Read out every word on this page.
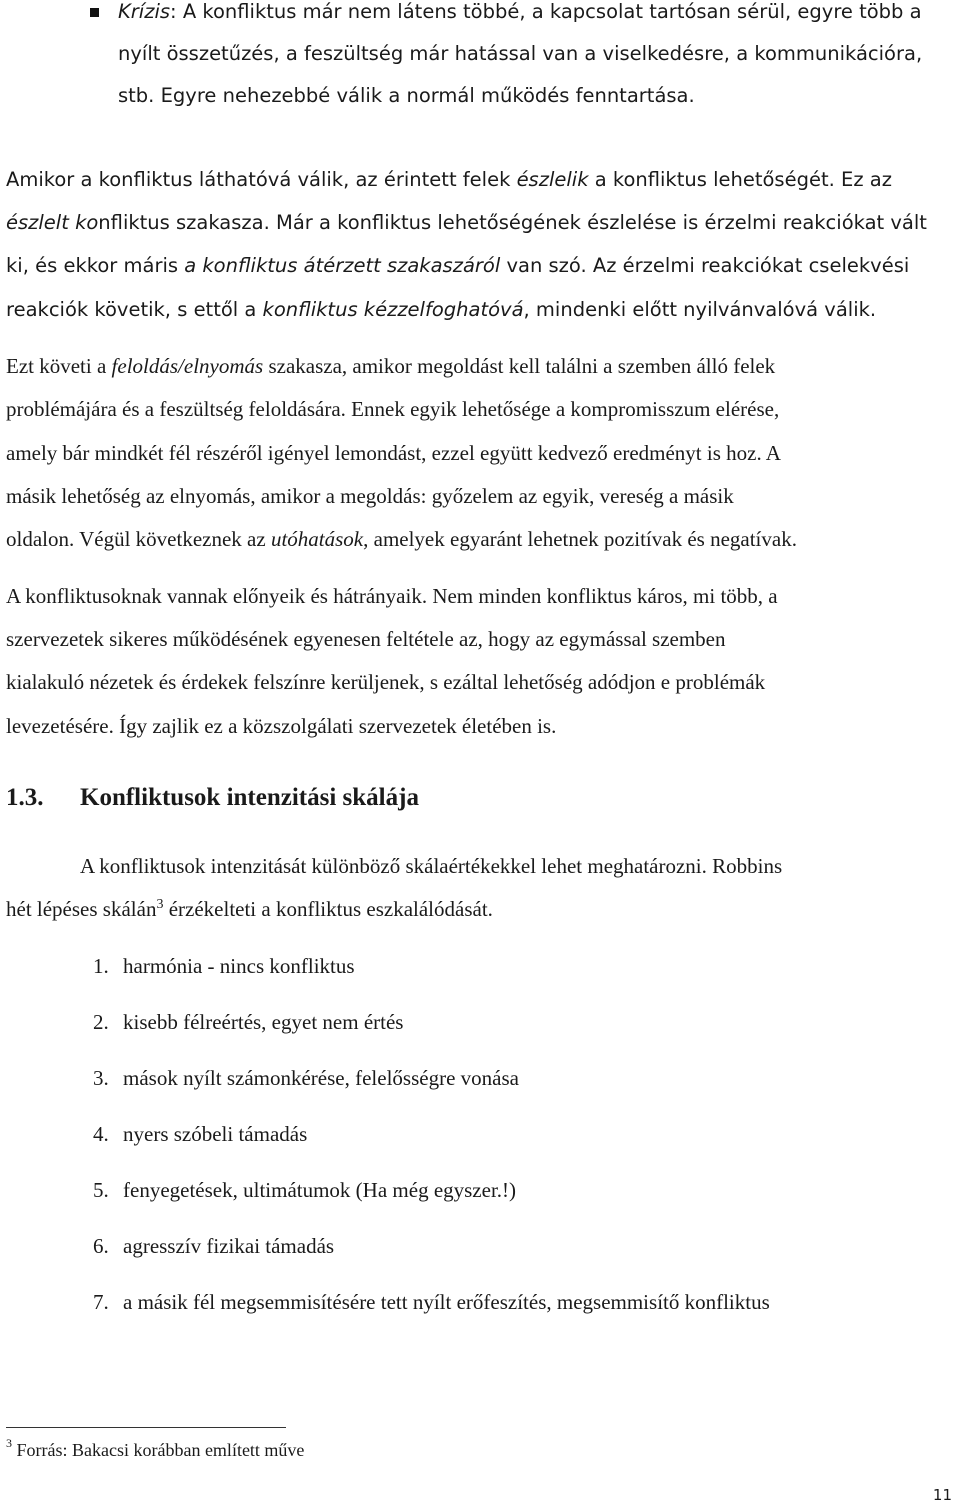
Krízis: A konfliktus már nem látens többé, a kapcsolat tartósan sérül, egyre több a
nyílt összetűzés, a feszültség már hatással van a viselkedésre, a kommunikációra,
stb. Egyre nehezebbé válik a normál működés fenntartása.
Amikor a konfliktus láthatóvá válik, az érintett felek észlelik a konfliktus lehetőségét. Ez az
észlelt konfliktus szakasza. Már a konfliktus lehetőségének észlelése is érzelmi reakciókat vált
ki, és ekkor máris a konfliktus átérzett szakaszáról van szó. Az érzelmi reakciókat cselekvési
reakciók követik, s ettől a konfliktus kézzelfoghatóvá, mindenki előtt nyilvánvalóvá válik.
Ezt követi a feloldás/elnyomás szakasza, amikor megoldást kell találni a szemben álló felek
problémájára és a feszültség feloldására. Ennek egyik lehetősége a kompromisszum elérése,
amely bár mindkét fél részéről igényel lemondást, ezzel együtt kedvező eredményt is hoz. A
másik lehetőség az elnyomás, amikor a megoldás: győzelem az egyik, vereség a másik
oldalon. Végül következnek az utóhatások, amelyek egyaránt lehetnek pozitívak és negatívak.
A konfliktusoknak vannak előnyeik és hátrányaik. Nem minden konfliktus káros, mi több, a
szervezetek sikeres működésének egyenesen feltétele az, hogy az egymással szemben
kialakuló nézetek és érdekek felszínre kerüljenek, s ezáltal lehetőség adódjon e problémák
levezetésére. Így zajlik ez a közszolgálati szervezetek életében is.
1.3. Konfliktusok intenzitási skálája
A konfliktusok intenzitását különböző skálaértékekkel lehet meghatározni. Robbins
hét lépéses skálán$^3$ érzékelteti a konfliktus eszkalálódását.
1. harmónia - nincs konfliktus
2. kisebb félreértés, egyet nem értés
3. mások nyílt számonkérése, felelősségre vonása
4. nyers szóbeli támadás
5. fenyegetések, ultimátumok (Ha még egyszer.!)
6. agresszív fizikai támadás
7. a másik fél megsemmisítésére tett nyílt erőfeszítés, megsemmisítő konfliktus
$^3$ Forrás: Bakacsi korábban említett műve
11
